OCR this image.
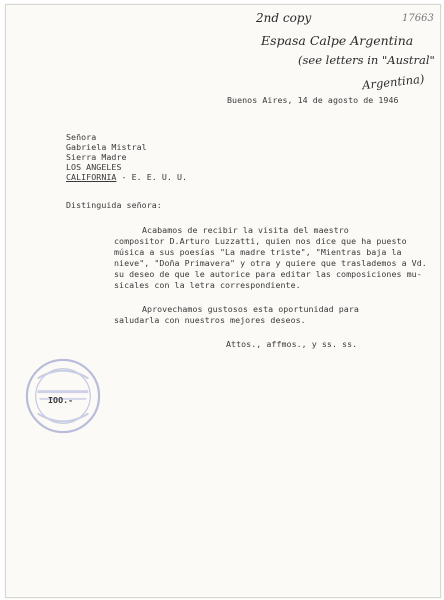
2nd copy	17663
Espasa Calpe Argentina
(see letters in "Austral"
Argentina)
Buenos Aires, 14 de agosto de 1946
Señora
Gabriela Mistral
Sierra Madre
LOS ANGELES
CALIFORNIA - E. E. U. U.
Distinguida señora:
Acabamos de recibir la visita del maestro
compositor D.Arturo Luzzatti, quien nos dice que ha puesto
música a sus poesías "La madre triste", "Mientras baja la
nieve", "Doña Primavera" y otra y quiere que traslademos a Vd.
su deseo de que le autorice para editar las composiciones mu-
sicales con la letra correspondiente.
Aprovechamos gustosos esta oportunidad para
saludarla con nuestros mejores deseos.
Attos., affmos., y ss. ss.
IOO.-
